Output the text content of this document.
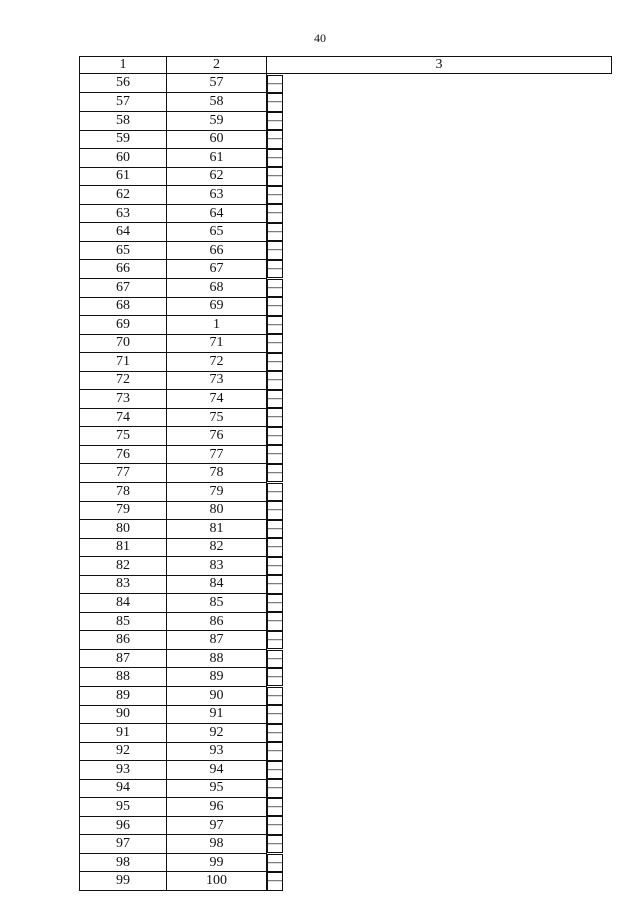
40
1	2	3
56	57		—
57	58		—
58	59		—
59	60		—
60	61		—
61	62		—
62	63		—
63	64		—
64	65		—
65	66		—
66	67		—
67	68		—
68	69		—
69	1		—
70	71		—
71	72		—
72	73		—
73	74		—
74	75		—
75	76		—
76	77		—
77	78		—
78	79		—
79	80		—
80	81		—
81	82		—
82	83		—
83	84		—
84	85		—
85	86		—
86	87		—
87	88		—
88	89		—
89	90		—
90	91		—
91	92		—
92	93		—
93	94		—
94	95		—
95	96		—
96	97		—
97	98		—
98	99		—
99	100		—
